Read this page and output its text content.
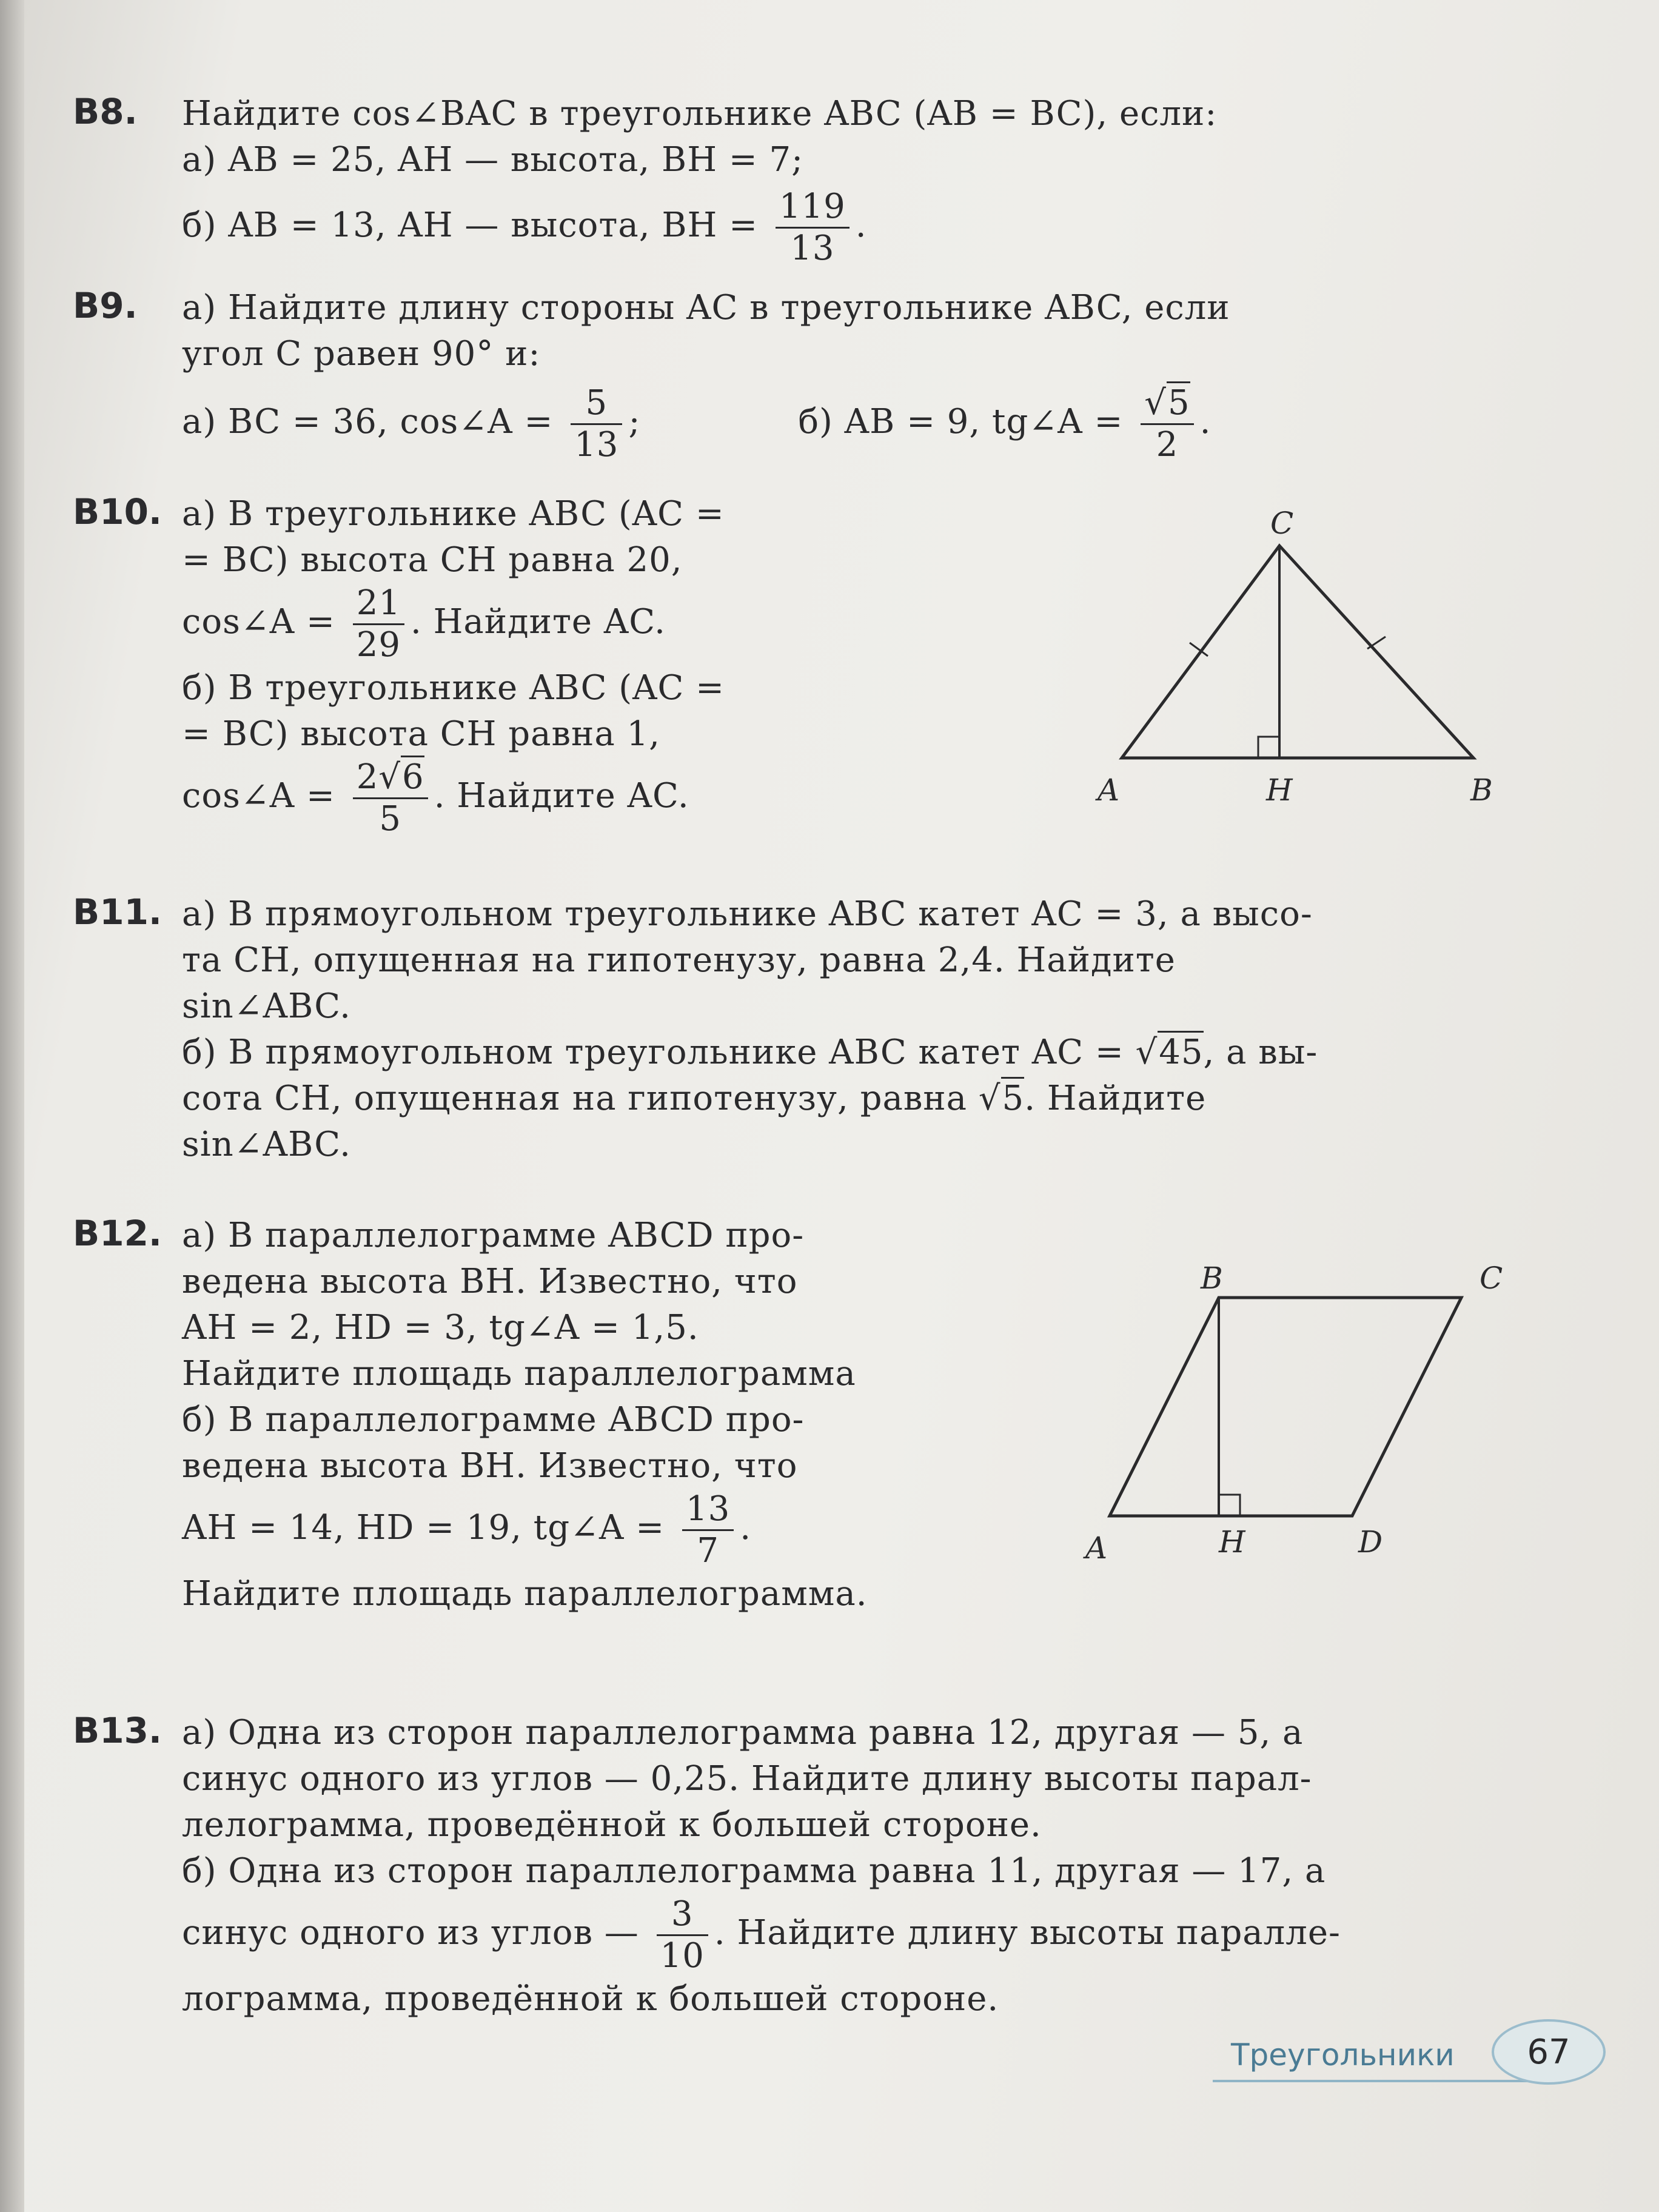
B8. Найдите cos∠BAC в треугольнике ABC (AB = BC), если:
а) AB = 25, AH — высота, BH = 7;
б) AB = 13, AH — высота, BH = $\frac{119}{13}$ .
B9. а) Найдите длину стороны AC в треугольнике ABC, если
угол C равен 90° и:
а) BC = 36, cos∠A = $\frac{5}{13}$ ;	б) AB = 9, tg∠A = $\frac{√5}{2}$ .
B10. а) В треугольнике ABC (AC =
= BC) высота CH равна 20,
cos∠A = $\frac{21}{29}$ . Найдите AC.
б) В треугольнике ABC (AC =
= BC) высота CH равна 1,
cos∠A = $\frac{2√6}{5}$ . Найдите AC.
C
A	H	B
B11. а) В прямоугольном треугольнике ABC катет AC = 3, а высо-
та CH, опущенная на гипотенузу, равна 2,4. Найдите
sin∠ABC.
б) В прямоугольном треугольнике ABC катет AC = √45, а вы-
сота CH, опущенная на гипотенузу, равна √5. Найдите
sin∠ABC.
B12. а) В параллелограмме ABCD про-
ведена высота BH. Известно, что
AH = 2, HD = 3, tg∠A = 1,5.
Найдите площадь параллелограмма
б) В параллелограмме ABCD про-
ведена высота BH. Известно, что
AH = 14, HD = 19, tg∠A = $\frac{13}{7}$ .
Найдите площадь параллелограмма.
B	C
A	H	D
B13. а) Одна из сторон параллелограмма равна 12, другая — 5, а
синус одного из углов — 0,25. Найдите длину высоты парал-
лелограмма, проведённой к большей стороне.
б) Одна из сторон параллелограмма равна 11, другая — 17, а
синус одного из углов — $\frac{3}{10}$ . Найдите длину высоты паралле-
лограмма, проведённой к большей стороне.
Треугольники	67
